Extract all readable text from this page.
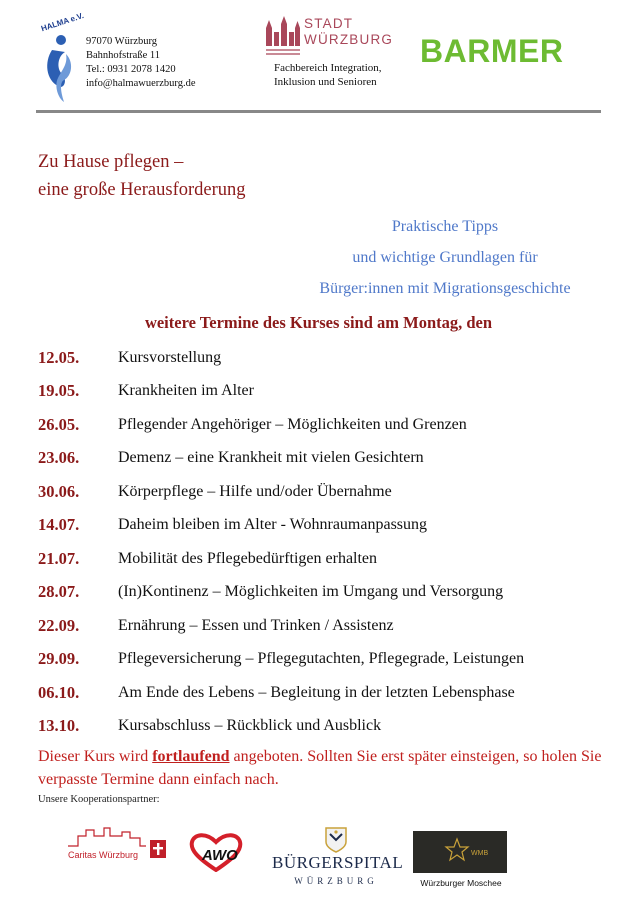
HALMA e.V.
97070 Würzburg
Bahnhofstraße 11
Tel.: 0931 2078 1420
info@halmawuerzburg.de
STADT
WÜRZBURG
Fachbereich Integration,
Inklusion und Senioren
BARMER
Zu Hause pflegen –
eine große Herausforderung
Praktische Tipps
und wichtige Grundlagen für
Bürger:innen mit Migrationsgeschichte
weitere Termine des Kurses sind am Montag, den
12.05.	Kursvorstellung
19.05.	Krankheiten im Alter
26.05.	Pflegender Angehöriger – Möglichkeiten und Grenzen
23.06.	Demenz – eine Krankheit mit vielen Gesichtern
30.06.	Körperpflege – Hilfe und/oder Übernahme
14.07.	Daheim bleiben im Alter - Wohnraumanpassung
21.07.	Mobilität des Pflegebedürftigen erhalten
28.07.	(In)Kontinenz – Möglichkeiten im Umgang und Versorgung
22.09.	Ernährung – Essen und Trinken / Assistenz
29.09.	Pflegeversicherung – Pflegegutachten, Pflegegrade, Leistungen
06.10.	Am Ende des Lebens – Begleitung in der letzten Lebensphase
13.10.	Kursabschluss – Rückblick und Ausblick
Dieser Kurs wird fortlaufend angeboten. Sollten Sie erst später einsteigen, so holen Sie verpasste Termine dann einfach nach.
Unsere Kooperationspartner:
Caritas Würzburg	AWO BÜRGERSPITAL
WÜRZBURG
WMB
Würzburger Moschee
